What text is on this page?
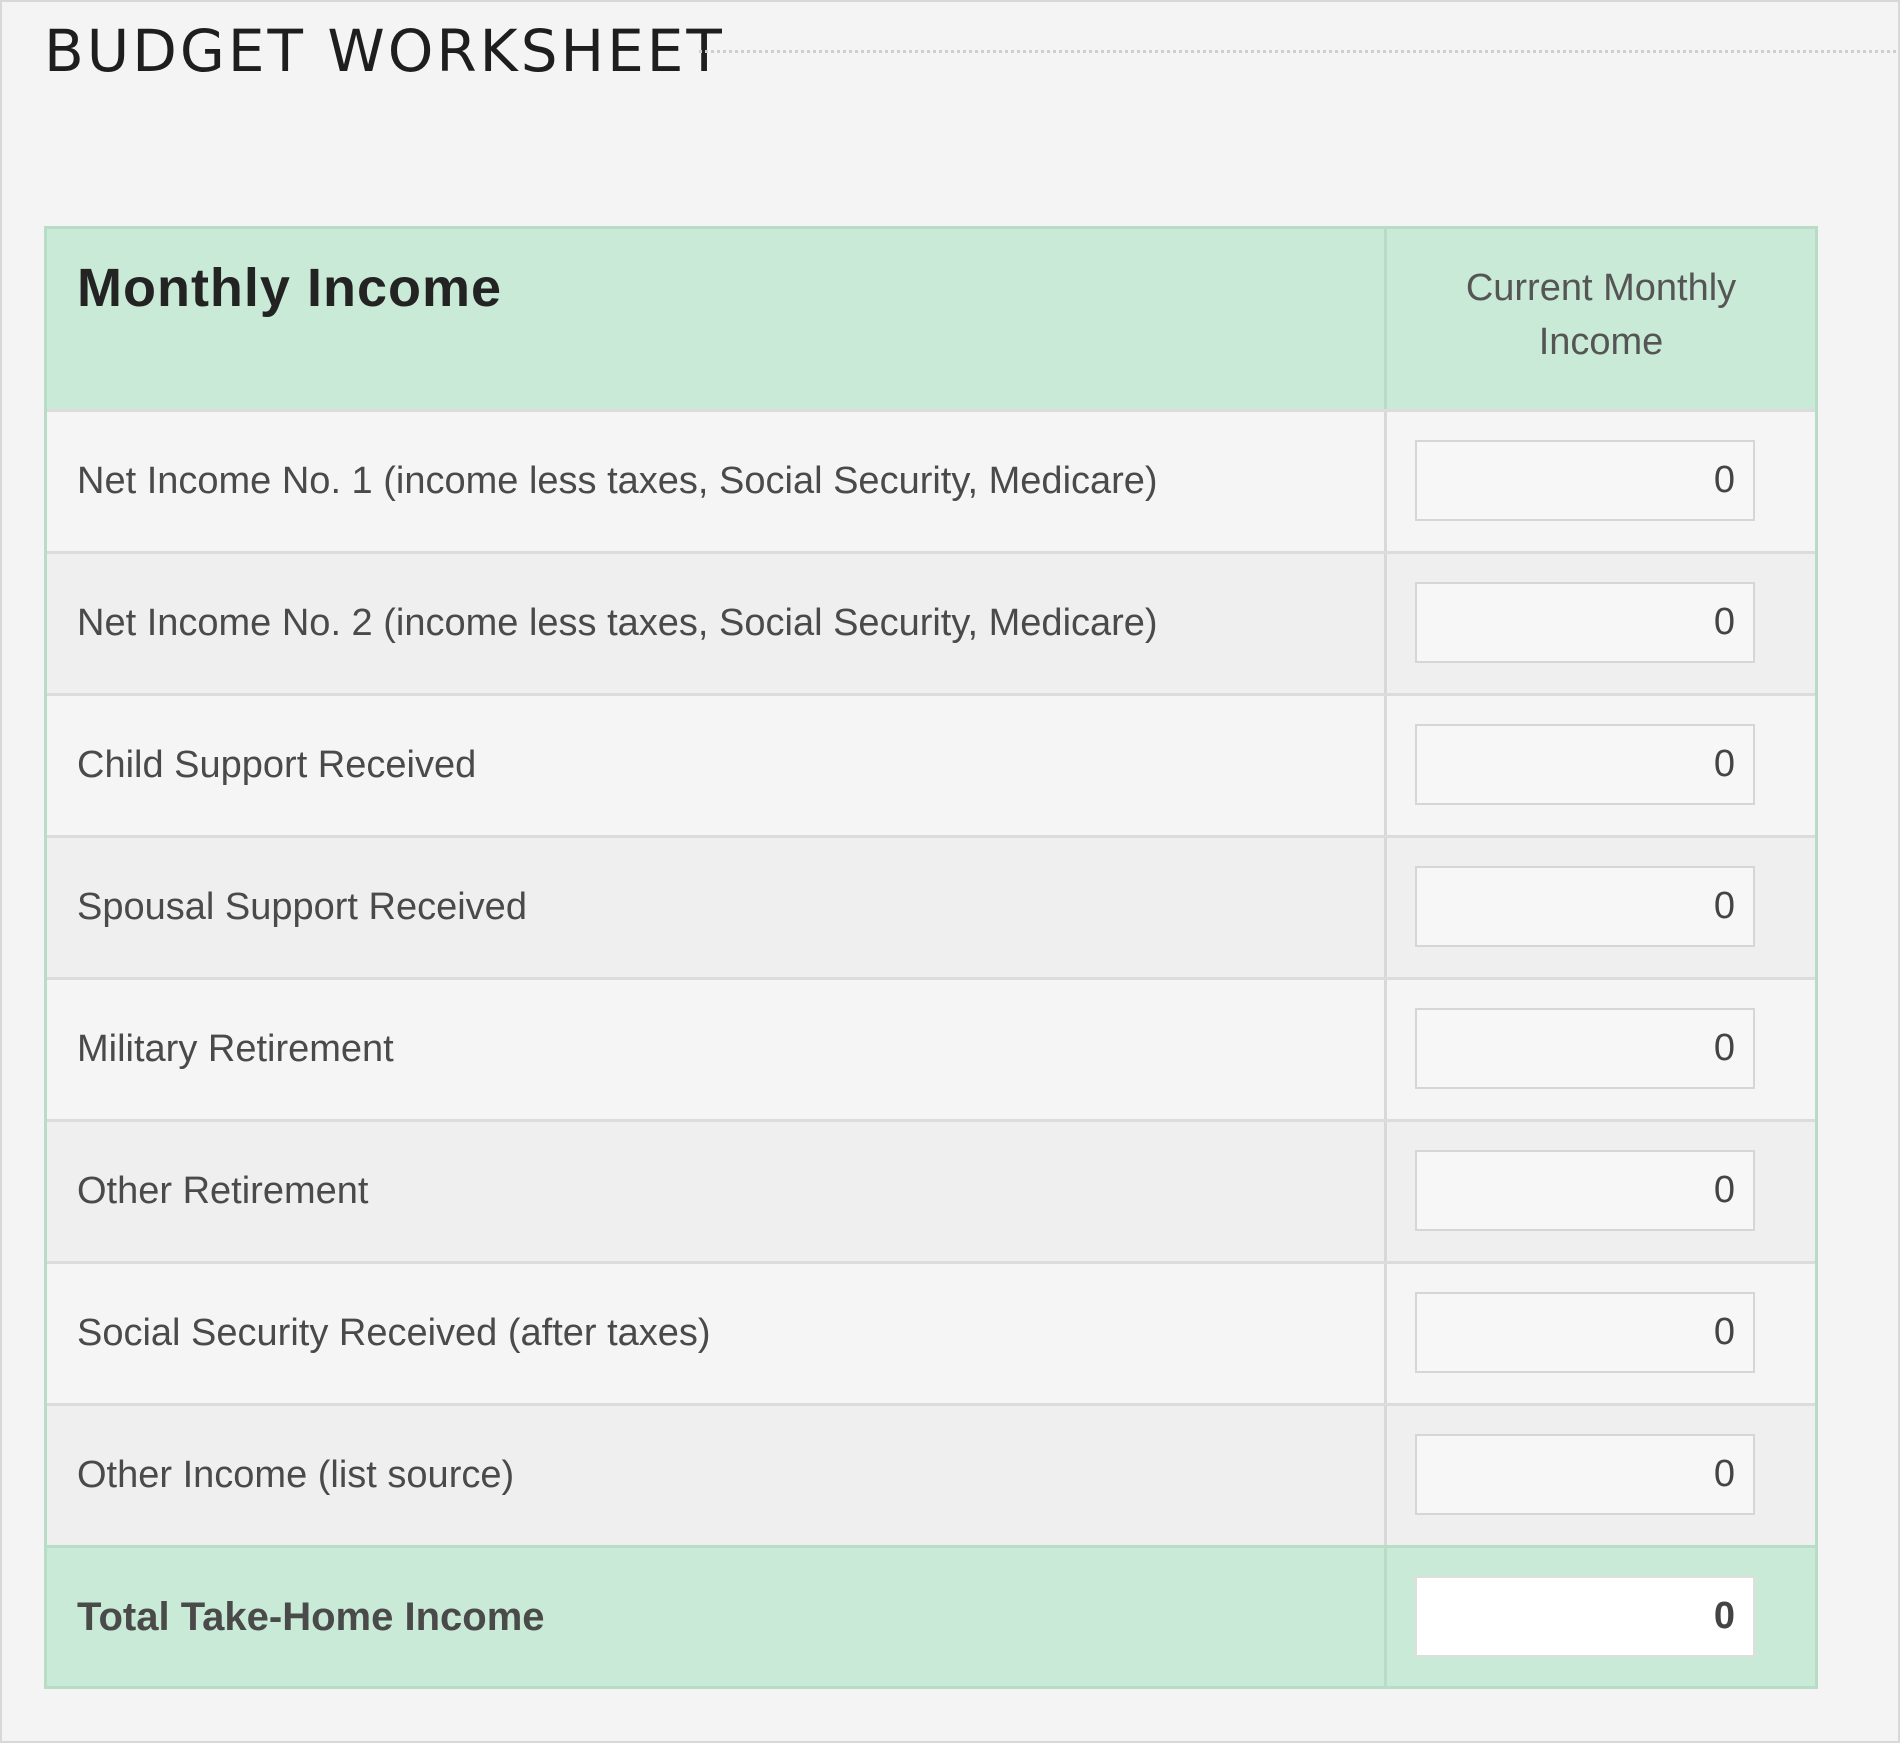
BUDGET WORKSHEET
Monthly Income	Current Monthly Income
Net Income No. 1 (income less taxes, Social Security, Medicare)
0
Net Income No. 2 (income less taxes, Social Security, Medicare)
0
Child Support Received
0
Spousal Support Received
0
Military Retirement
0
Other Retirement
0
Social Security Received (after taxes)
0
Other Income (list source)
0
Total Take-Home Income
0
